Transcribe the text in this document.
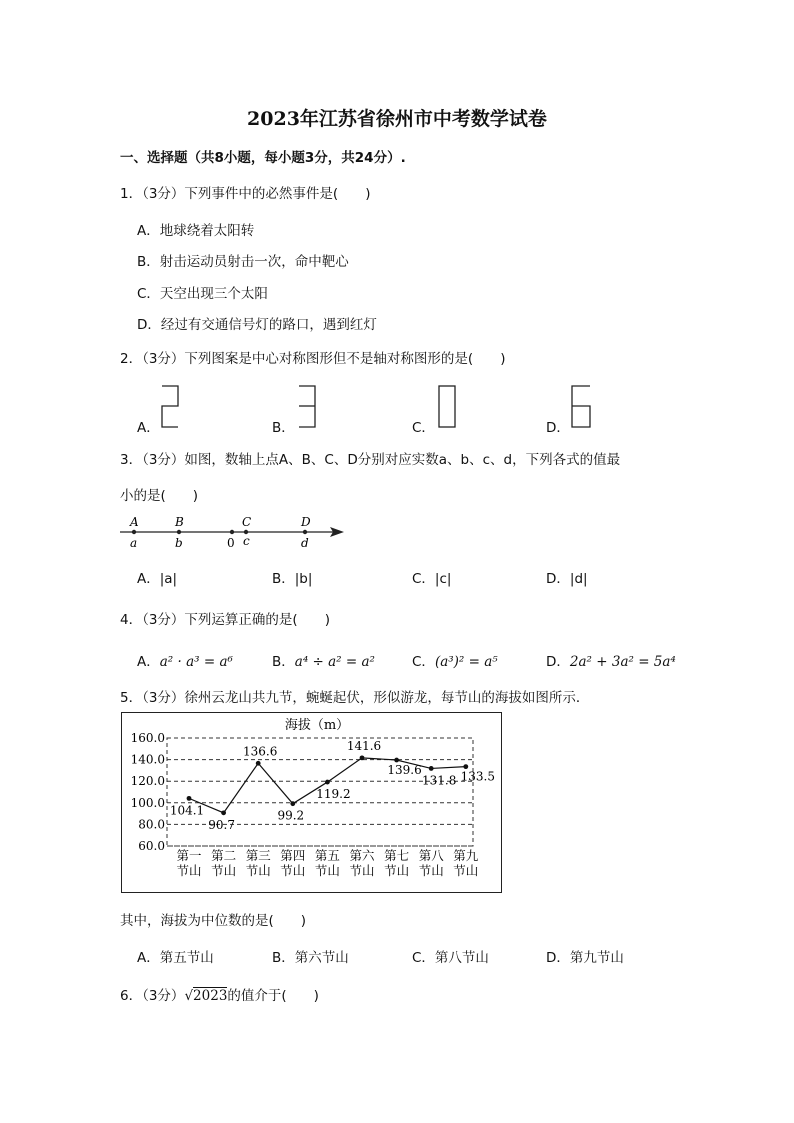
2023年江苏省徐州市中考数学试卷
一、选择题（共8小题，每小题3分，共24分）.
1．（3分）下列事件中的必然事件是(　　)
A．地球绕着太阳转
B．射击运动员射击一次，命中靶心
C．天空出现三个太阳
D．经过有交通信号灯的路口，遇到红灯
2．（3分）下列图案是中心对称图形但不是轴对称图形的是(　　)
A．	B．	C．	D．
3．（3分）如图，数轴上点A、B、C、D分别对应实数a、b、c、d，下列各式的值最
小的是(　　)
A	B	C	D
a	b	0 c	d
A．|a|	B．|b|	C．|c|	D．|d|
4．（3分）下列运算正确的是(　　)
A．a² · a³ = a⁶	B．a⁴ ÷ a² = a²	C．(a³)² = a⁵	D．2a² + 3a² = 5a⁴
5．（3分）徐州云龙山共九节，蜿蜒起伏，形似游龙，每节山的海拔如图所示．
海拔（m）
60.0
80.0
100.0
120.0
140.0
160.0
104.1
90.7
136.6
99.2
119.2
141.6
139.6
131.8 133.5
第一
节山
第二
节山
第三
节山
第四
节山
第五
节山
第六
节山
第七
节山
第八
节山
第九
节山
其中，海拔为中位数的是(　　)
A．第五节山	B．第六节山	C．第八节山	D．第九节山
6．（3分）√2023的值介于(　　)
